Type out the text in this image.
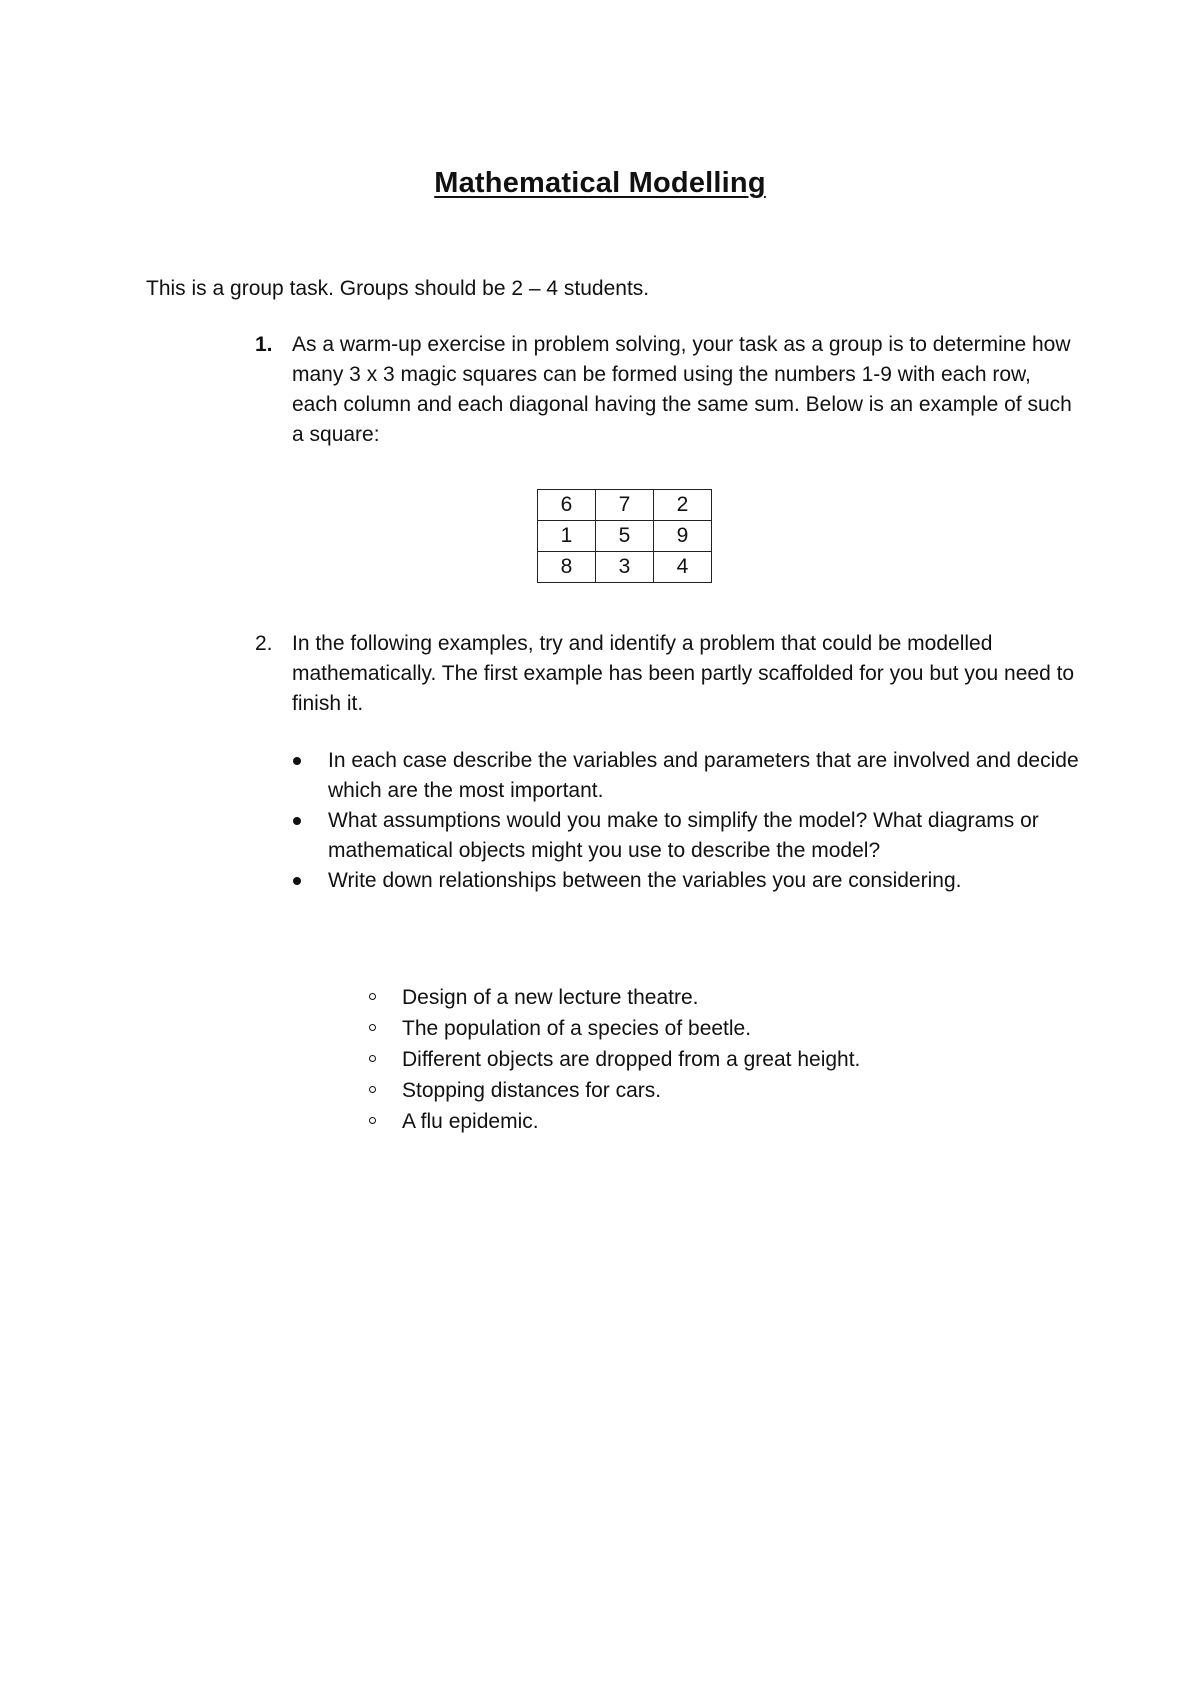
Mathematical Modelling
This is a group task. Groups should be 2 – 4 students.
1. As a warm-up exercise in problem solving, your task as a group is to determine how many 3 x 3 magic squares can be formed using the numbers 1-9 with each row, each column and each diagonal having the same sum. Below is an example of such a square:
6	7	2
1	5	9
8	3	4
2. In the following examples, try and identify a problem that could be modelled mathematically. The first example has been partly scaffolded for you but you need to finish it.
In each case describe the variables and parameters that are involved and decide which are the most important.
What assumptions would you make to simplify the model? What diagrams or mathematical objects might you use to describe the model?
Write down relationships between the variables you are considering.
Design of a new lecture theatre.
The population of a species of beetle.
Different objects are dropped from a great height.
Stopping distances for cars.
A flu epidemic.
